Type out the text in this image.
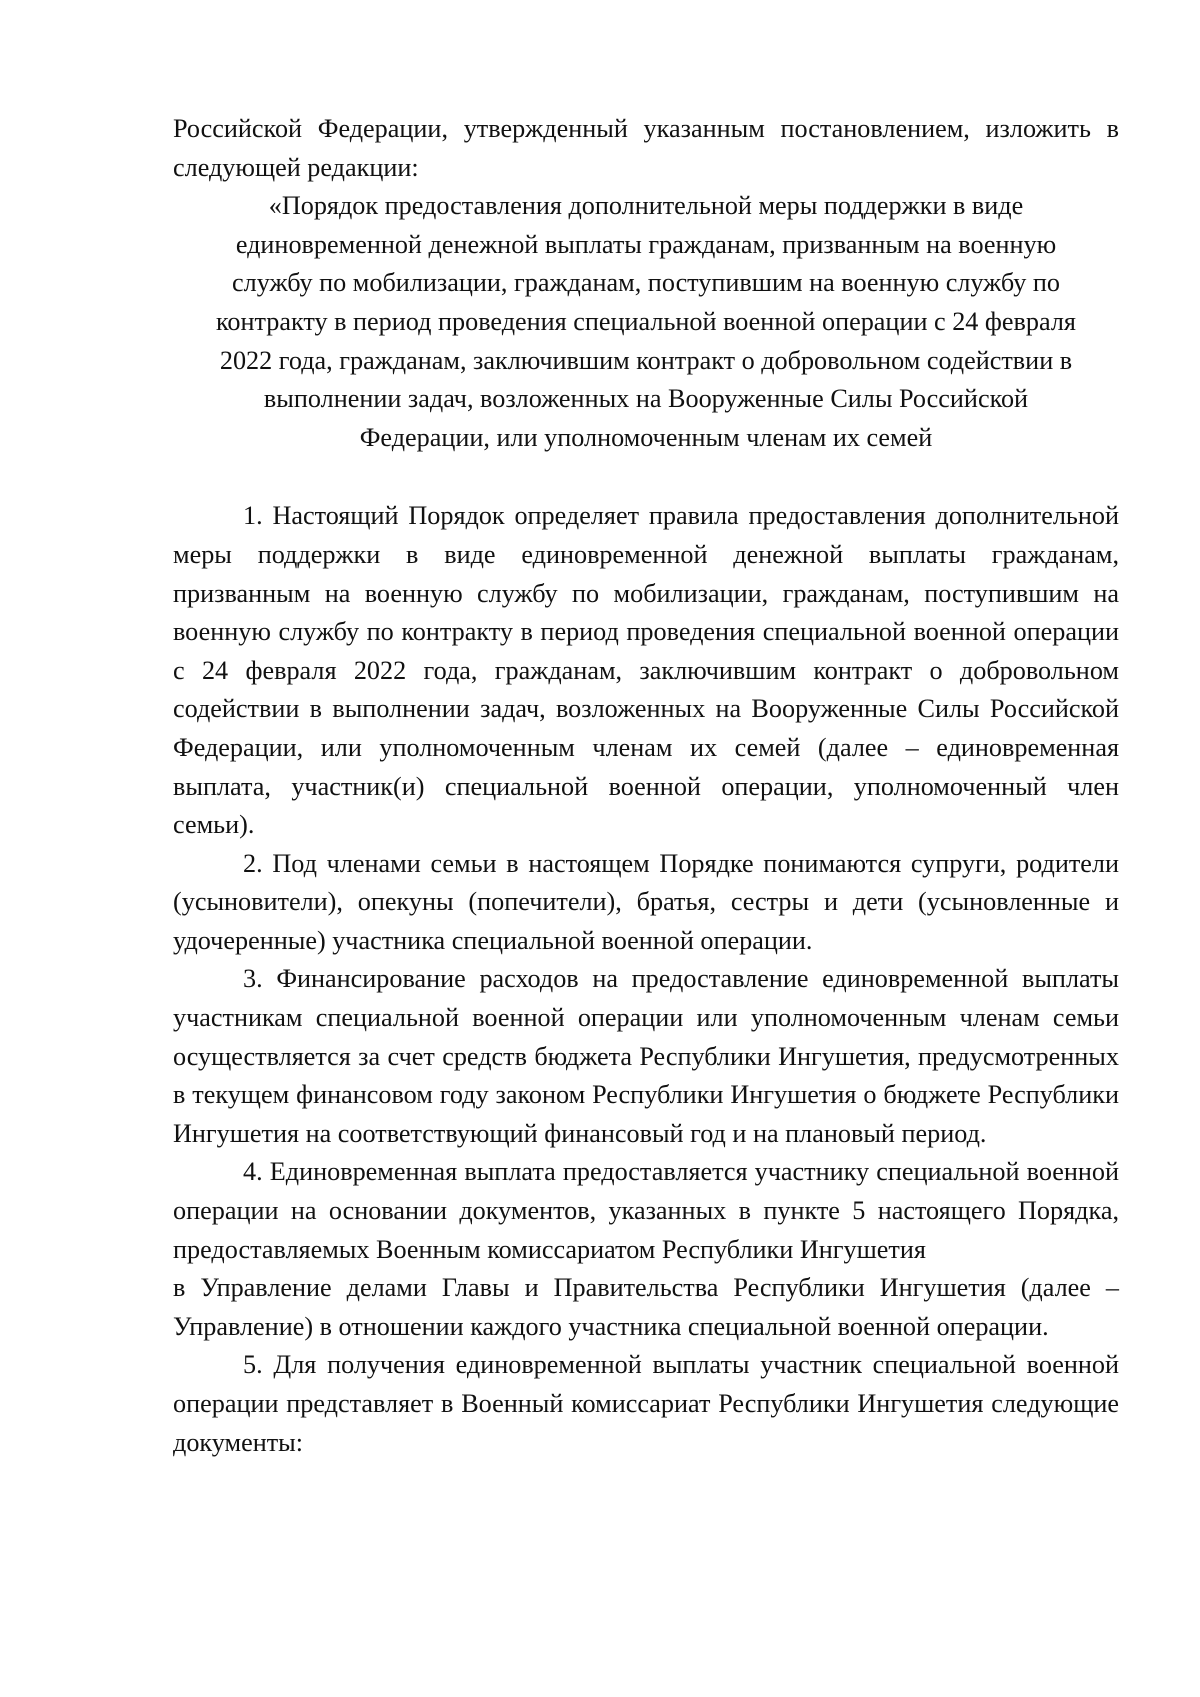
Российской Федерации, утвержденный указанным постановлением, изложить в следующей редакции:

«Порядок предоставления дополнительной меры поддержки в виде
единовременной денежной выплаты гражданам, призванным на военную
службу по мобилизации, гражданам, поступившим на военную службу по
контракту в период проведения специальной военной операции с 24 февраля
2022 года, гражданам, заключившим контракт о добровольном содействии в
выполнении задач, возложенных на Вооруженные Силы Российской
Федерации, или уполномоченным членам их семей

1. Настоящий Порядок определяет правила предоставления дополнительной меры поддержки в виде единовременной денежной выплаты гражданам, призванным на военную службу по мобилизации, гражданам, поступившим на военную службу по контракту в период проведения специальной военной операции с 24 февраля 2022 года, гражданам, заключившим контракт о добровольном содействии в выполнении задач, возложенных на Вооруженные Силы Российской Федерации, или уполномоченным членам их семей (далее – единовременная выплата, участник(и) специальной военной операции, уполномоченный член семьи).

2. Под членами семьи в настоящем Порядке понимаются супруги, родители (усыновители), опекуны (попечители), братья, сестры и дети (усыновленные и удочеренные) участника специальной военной операции.

3. Финансирование расходов на предоставление единовременной выплаты участникам специальной военной операции или уполномоченным членам семьи осуществляется за счет средств бюджета Республики Ингушетия, предусмотренных в текущем финансовом году законом Республики Ингушетия о бюджете Республики Ингушетия на соответствующий финансовый год и на плановый период.

4. Единовременная выплата предоставляется участнику специальной военной операции на основании документов, указанных в пункте 5 настоящего Порядка, предоставляемых Военным комиссариатом Республики Ингушетия

в Управление делами Главы и Правительства Республики Ингушетия (далее – Управление) в отношении каждого участника специальной военной операции.

5. Для получения единовременной выплаты участник специальной военной операции представляет в Военный комиссариат Республики Ингушетия следующие документы:
